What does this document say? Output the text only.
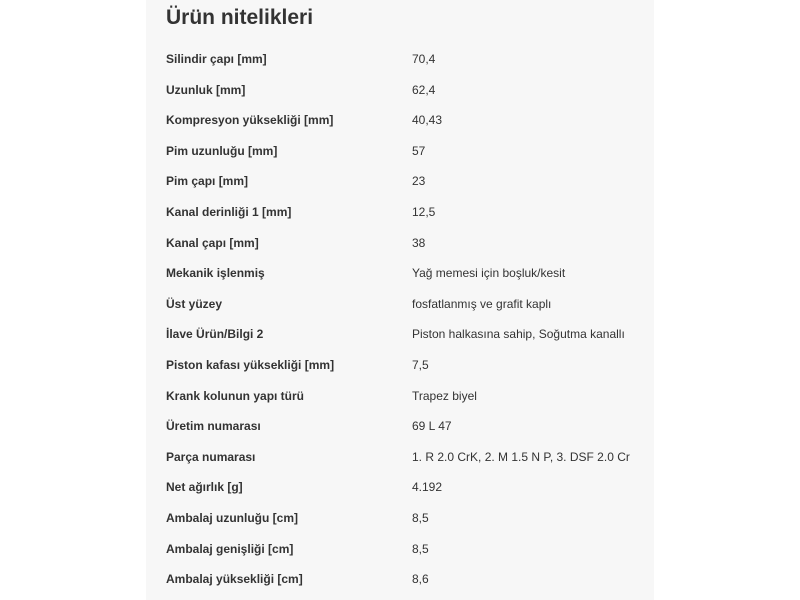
Ürün nitelikleri
Silindir çapı [mm]	70,4
Uzunluk [mm]	62,4
Kompresyon yüksekliği [mm]	40,43
Pim uzunluğu [mm]	57
Pim çapı [mm]	23
Kanal derinliği 1 [mm]	12,5
Kanal çapı [mm]	38
Mekanik işlenmiş	Yağ memesi için boşluk/kesit
Üst yüzey	fosfatlanmış ve grafit kaplı
İlave Ürün/Bilgi 2	Piston halkasına sahip, Soğutma kanallı
Piston kafası yüksekliği [mm]	7,5
Krank kolunun yapı türü	Trapez biyel
Üretim numarası	69 L 47
Parça numarası	1. R 2.0 CrK, 2. M 1.5 N P, 3. DSF 2.0 Cr
Net ağırlık [g]	4.192
Ambalaj uzunluğu [cm]	8,5
Ambalaj genişliği [cm]	8,5
Ambalaj yüksekliği [cm]	8,6
